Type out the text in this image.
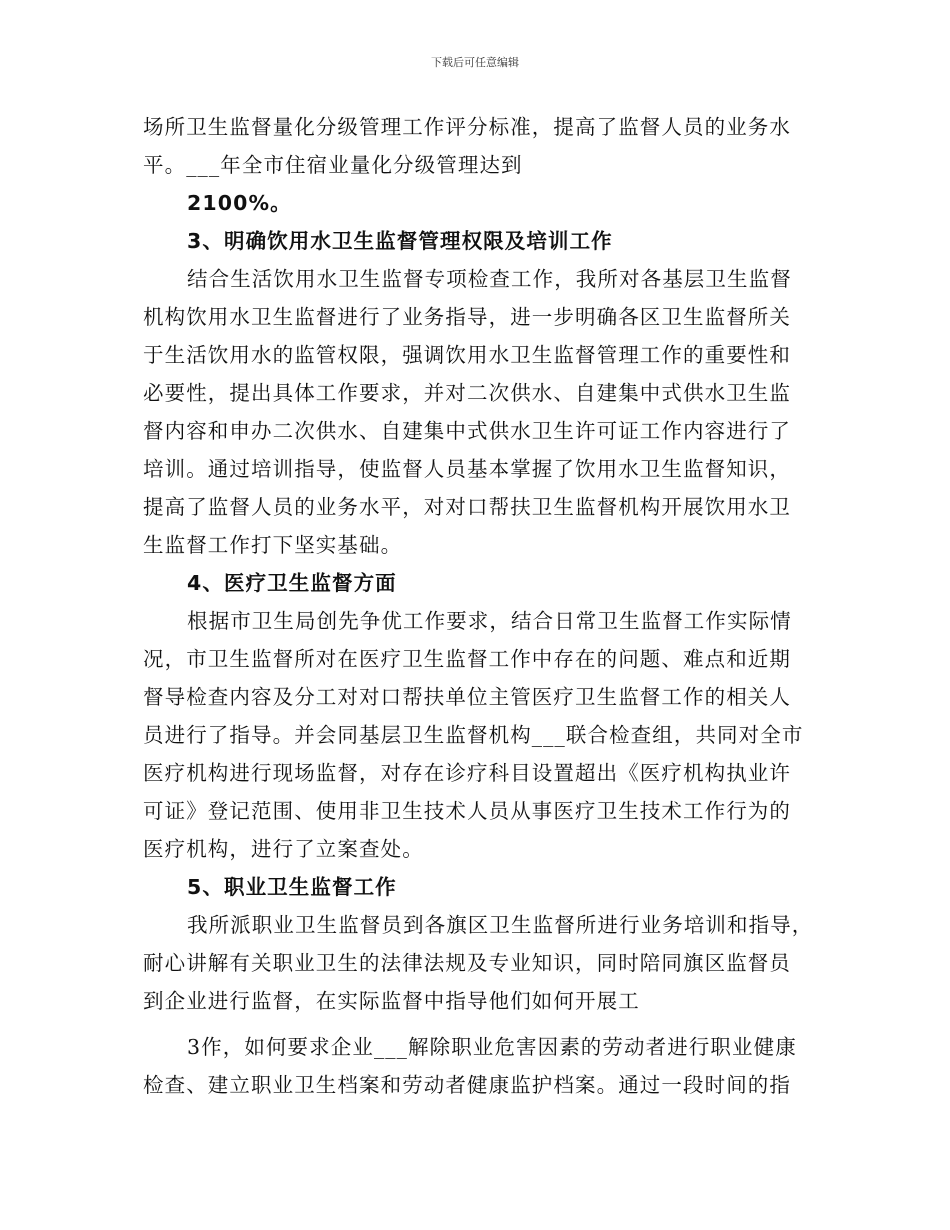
下载后可任意编辑
场所卫生监督量化分级管理工作评分标准，提高了监督人员的业务水
平。___年全市住宿业量化分级管理达到
2100%。
3、明确饮用水卫生监督管理权限及培训工作
结合生活饮用水卫生监督专项检查工作，我所对各基层卫生监督
机构饮用水卫生监督进行了业务指导，进一步明确各区卫生监督所关
于生活饮用水的监管权限，强调饮用水卫生监督管理工作的重要性和
必要性，提出具体工作要求，并对二次供水、自建集中式供水卫生监
督内容和申办二次供水、自建集中式供水卫生许可证工作内容进行了
培训。通过培训指导，使监督人员基本掌握了饮用水卫生监督知识，
提高了监督人员的业务水平，对对口帮扶卫生监督机构开展饮用水卫
生监督工作打下坚实基础。
4、医疗卫生监督方面
根据市卫生局创先争优工作要求，结合日常卫生监督工作实际情
况，市卫生监督所对在医疗卫生监督工作中存在的问题、难点和近期
督导检查内容及分工对对口帮扶单位主管医疗卫生监督工作的相关人
员进行了指导。并会同基层卫生监督机构___联合检查组，共同对全市
医疗机构进行现场监督，对存在诊疗科目设置超出《医疗机构执业许
可证》登记范围、使用非卫生技术人员从事医疗卫生技术工作行为的
医疗机构，进行了立案查处。
5、职业卫生监督工作
我所派职业卫生监督员到各旗区卫生监督所进行业务培训和指导，
耐心讲解有关职业卫生的法律法规及专业知识，同时陪同旗区监督员
到企业进行监督，在实际监督中指导他们如何开展工
3作，如何要求企业___解除职业危害因素的劳动者进行职业健康
检查、建立职业卫生档案和劳动者健康监护档案。通过一段时间的指
